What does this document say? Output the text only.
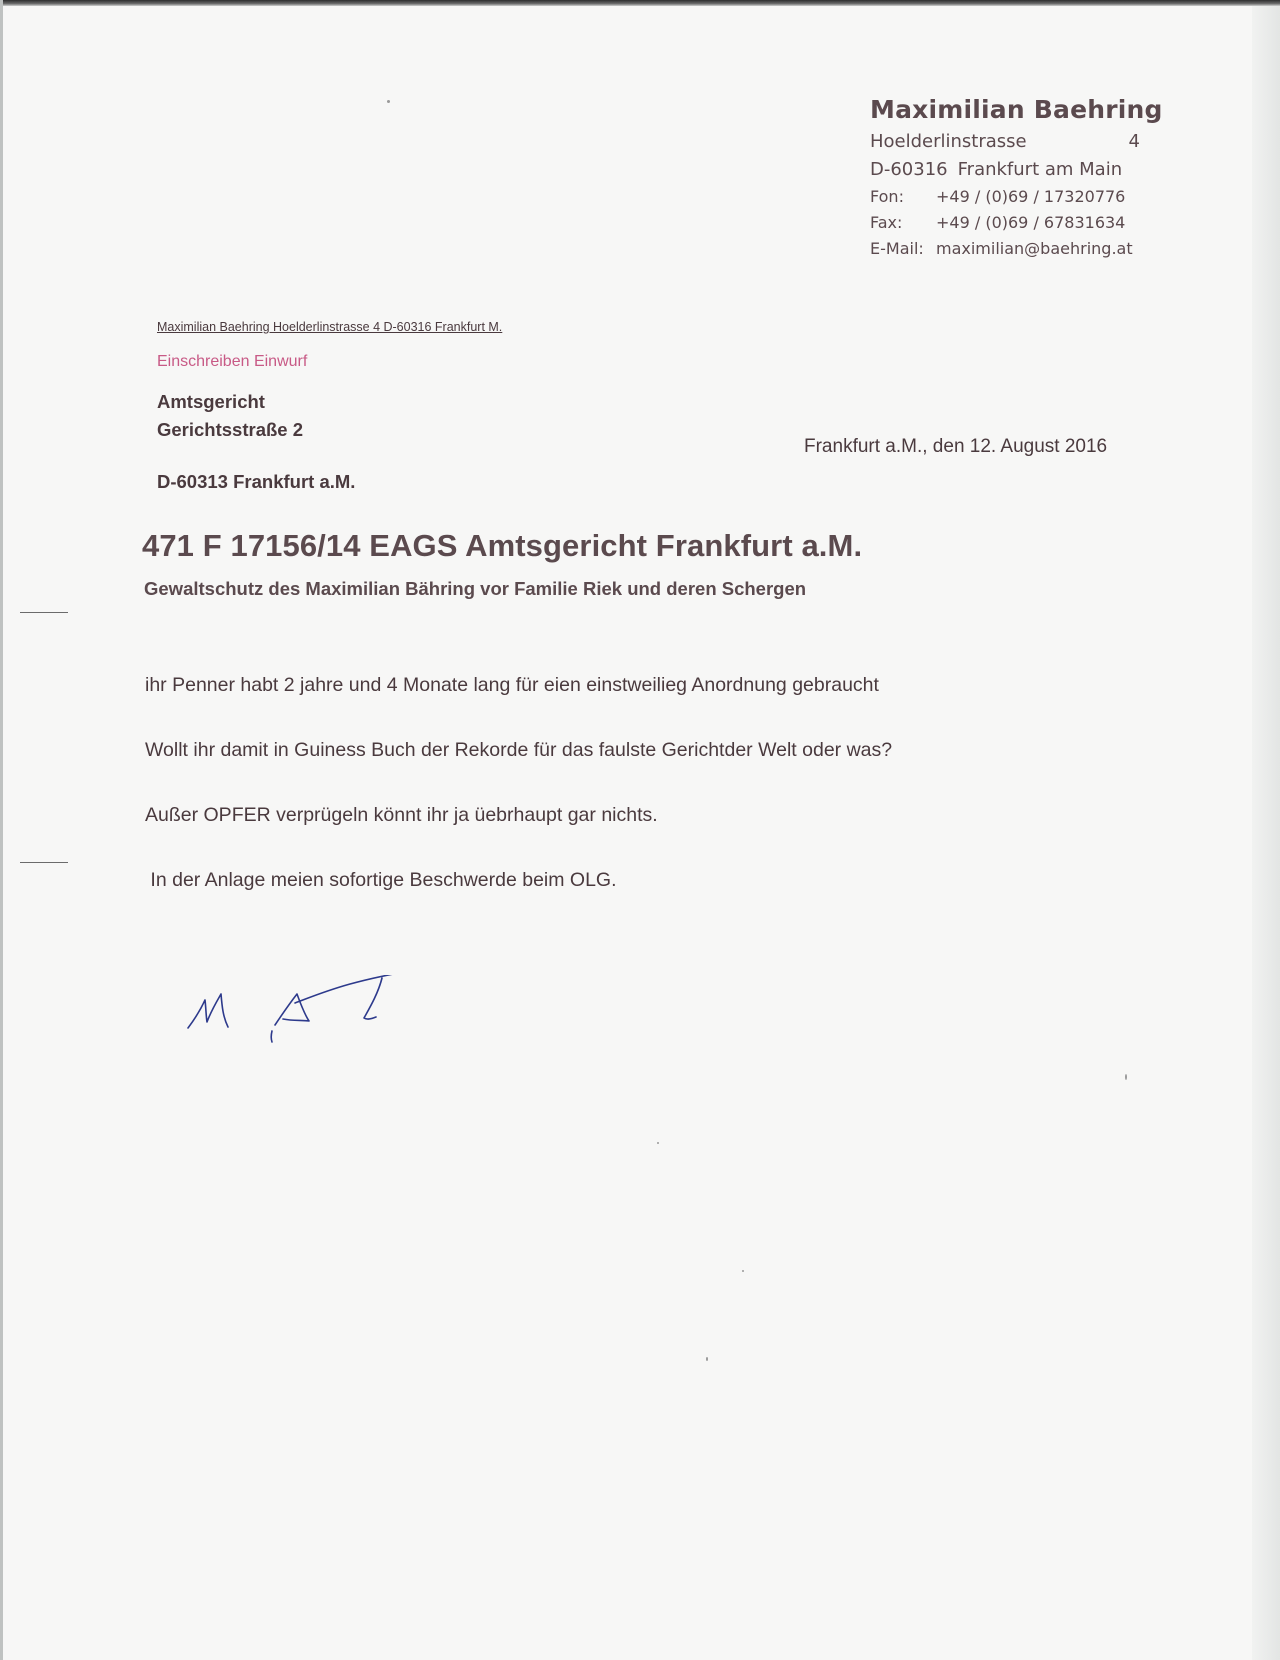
Maximilian Baehring
Hoelderlinstrasse	4
D-60316 Frankfurt am Main
Fon:	+49 / (0)69 / 17320776
Fax:	+49 / (0)69 / 67831634
E-Mail: maximilian@baehring.at
Maximilian Baehring Hoelderlinstrasse 4 D-60316 Frankfurt M.
Einschreiben Einwurf
Amtsgericht
Gerichtsstraße 2
D-60313 Frankfurt a.M.
Frankfurt a.M., den 12. August 2016
471 F 17156/14 EAGS Amtsgericht Frankfurt a.M.
Gewaltschutz des Maximilian Bähring vor Familie Riek und deren Schergen
ihr Penner habt 2 jahre und 4 Monate lang für eien einstweilieg Anordnung gebraucht
Wollt ihr damit in Guiness Buch der Rekorde für das faulste Gerichtder Welt oder was?
Außer OPFER verprügeln könnt ihr ja üebrhaupt gar nichts.
In der Anlage meien sofortige Beschwerde beim OLG.
